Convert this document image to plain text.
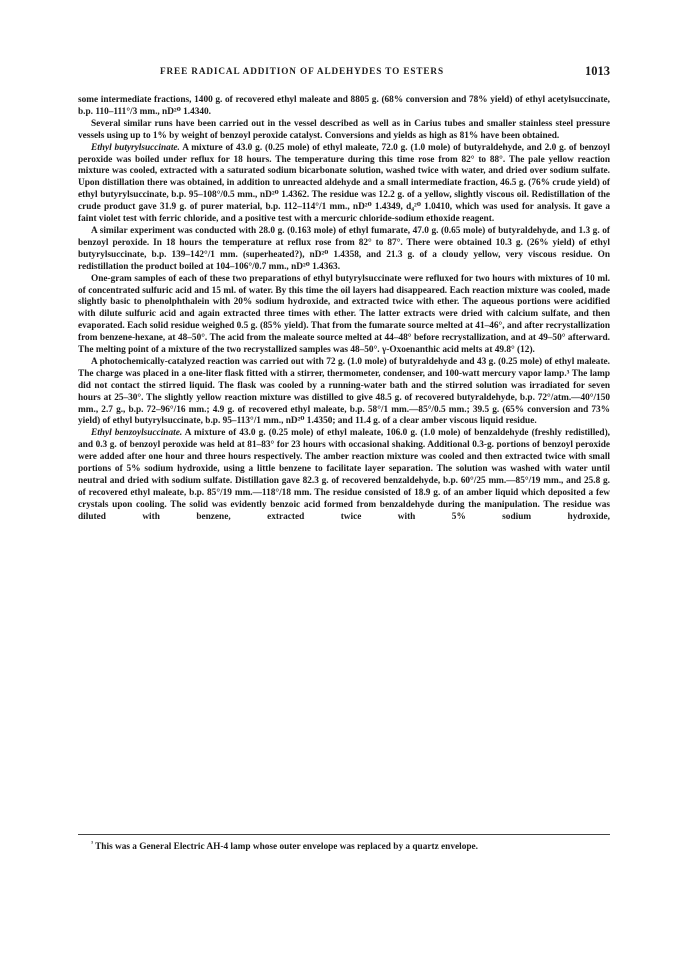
FREE RADICAL ADDITION OF ALDEHYDES TO ESTERS	1013

some intermediate fractions, 1400 g. of recovered ethyl maleate and 8805 g. (68% conversion and 78% yield) of ethyl acetylsuccinate, b.p. 110–111°/3 mm., nD²⁰ 1.4340.

Several similar runs have been carried out in the vessel described as well as in Carius tubes and smaller stainless steel pressure vessels using up to 1% by weight of benzoyl peroxide catalyst. Conversions and yields as high as 81% have been obtained.

Ethyl butyrylsuccinate. A mixture of 43.0 g. (0.25 mole) of ethyl maleate, 72.0 g. (1.0 mole) of butyraldehyde, and 2.0 g. of benzoyl peroxide was boiled under reflux for 18 hours. The temperature during this time rose from 82° to 88°. The pale yellow reaction mixture was cooled, extracted with a saturated sodium bicarbonate solution, washed twice with water, and dried over sodium sulfate. Upon distillation there was obtained, in addition to unreacted aldehyde and a small intermediate fraction, 46.5 g. (76% crude yield) of ethyl butyrylsuccinate, b.p. 95–108°/0.5 mm., nD²⁰ 1.4362. The residue was 12.2 g. of a yellow, slightly viscous oil. Redistillation of the crude product gave 31.9 g. of purer material, b.p. 112–114°/1 mm., nD²⁰ 1.4349, d₄²⁰ 1.0410, which was used for analysis. It gave a faint violet test with ferric chloride, and a positive test with a mercuric chloride-sodium ethoxide reagent.

A similar experiment was conducted with 28.0 g. (0.163 mole) of ethyl fumarate, 47.0 g. (0.65 mole) of butyraldehyde, and 1.3 g. of benzoyl peroxide. In 18 hours the temperature at reflux rose from 82° to 87°. There were obtained 10.3 g. (26% yield) of ethyl butyrylsuccinate, b.p. 139–142°/1 mm. (superheated?), nD²⁰ 1.4358, and 21.3 g. of a cloudy yellow, very viscous residue. On redistillation the product boiled at 104–106°/0.7 mm., nD²⁰ 1.4363.

One-gram samples of each of these two preparations of ethyl butyrylsuccinate were refluxed for two hours with mixtures of 10 ml. of concentrated sulfuric acid and 15 ml. of water. By this time the oil layers had disappeared. Each reaction mixture was cooled, made slightly basic to phenolphthalein with 20% sodium hydroxide, and extracted twice with ether. The aqueous portions were acidified with dilute sulfuric acid and again extracted three times with ether. The latter extracts were dried with calcium sulfate, and then evaporated. Each solid residue weighed 0.5 g. (85% yield). That from the fumarate source melted at 41–46°, and after recrystallization from benzene-hexane, at 48–50°. The acid from the maleate source melted at 44–48° before recrystallization, and at 49–50° afterward. The melting point of a mixture of the two recrystallized samples was 48–50°. γ-Oxoenanthic acid melts at 49.8° (12).

A photochemically-catalyzed reaction was carried out with 72 g. (1.0 mole) of butyraldehyde and 43 g. (0.25 mole) of ethyl maleate. The charge was placed in a one-liter flask fitted with a stirrer, thermometer, condenser, and 100-watt mercury vapor lamp.³ The lamp did not contact the stirred liquid. The flask was cooled by a running-water bath and the stirred solution was irradiated for seven hours at 25–30°. The slightly yellow reaction mixture was distilled to give 48.5 g. of recovered butyraldehyde, b.p. 72°/atm.—40°/150 mm., 2.7 g., b.p. 72–96°/16 mm.; 4.9 g. of recovered ethyl maleate, b.p. 58°/1 mm.—85°/0.5 mm.; 39.5 g. (65% conversion and 73% yield) of ethyl butyrylsuccinate, b.p. 95–113°/1 mm., nD²⁰ 1.4350; and 11.4 g. of a clear amber viscous liquid residue.

Ethyl benzoylsuccinate. A mixture of 43.0 g. (0.25 mole) of ethyl maleate, 106.0 g. (1.0 mole) of benzaldehyde (freshly redistilled), and 0.3 g. of benzoyl peroxide was held at 81–83° for 23 hours with occasional shaking. Additional 0.3-g. portions of benzoyl peroxide were added after one hour and three hours respectively. The amber reaction mixture was cooled and then extracted twice with small portions of 5% sodium hydroxide, using a little benzene to facilitate layer separation. The solution was washed with water until neutral and dried with sodium sulfate. Distillation gave 82.3 g. of recovered benzaldehyde, b.p. 60°/25 mm.—85°/19 mm., and 25.8 g. of recovered ethyl maleate, b.p. 85°/19 mm.—118°/18 mm. The residue consisted of 18.9 g. of an amber liquid which deposited a few crystals upon cooling. The solid was evidently benzoic acid formed from benzaldehyde during the manipulation. The residue was diluted with benzene, extracted twice with 5% sodium hydroxide,

$^{^3}$ This was a General Electric AH-4 lamp whose outer envelope was replaced by a quartz envelope.
